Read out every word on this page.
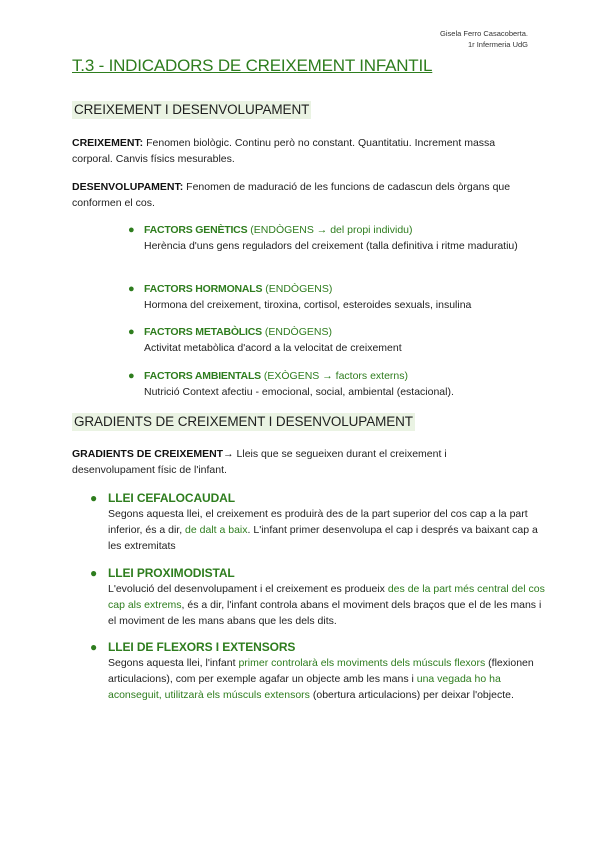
Gisela Ferro Casacoberta.
1r Infermeria UdG
T.3 - INDICADORS DE CREIXEMENT INFANTIL
CREIXEMENT I DESENVOLUPAMENT
CREIXEMENT: Fenomen biològic. Continu però no constant. Quantitatiu. Increment massa corporal. Canvis físics mesurables.
DESENVOLUPAMENT: Fenomen de maduració de les funcions de cadascun dels òrgans que conformen el cos.
● FACTORS GENÈTICS (ENDÒGENS → del propi individu)
Herència d'uns gens reguladors del creixement (talla definitiva i ritme maduratiu)
● FACTORS HORMONALS (ENDÒGENS)
Hormona del creixement, tiroxina, cortisol, esteroides sexuals, insulina
● FACTORS METABÒLICS (ENDÒGENS)
Activitat metabòlica d'acord a la velocitat de creixement
● FACTORS AMBIENTALS (EXÒGENS → factors externs)
Nutrició Context afectiu - emocional, social, ambiental (estacional).
GRADIENTS DE CREIXEMENT I DESENVOLUPAMENT
GRADIENTS DE CREIXEMENT→ Lleis que se segueixen durant el creixement i desenvolupament físic de l'infant.
● LLEI CEFALOCAUDAL
Segons aquesta llei, el creixement es produirà des de la part superior del cos cap a la part inferior, és a dir, de dalt a baix. L'infant primer desenvolupa el cap i després va baixant cap a les extremitats
● LLEI PROXIMODISTAL
L'evolució del desenvolupament i el creixement es produeix des de la part més central del cos cap als extrems, és a dir, l'infant controla abans el moviment dels braços que el de les mans i el moviment de les mans abans que les dels dits.
● LLEI DE FLEXORS I EXTENSORS
Segons aquesta llei, l'infant primer controlarà els moviments dels músculs flexors (flexionen articulacions), com per exemple agafar un objecte amb les mans i una vegada ho ha aconseguit, utilitzarà els músculs extensors (obertura articulacions) per deixar l'objecte.
